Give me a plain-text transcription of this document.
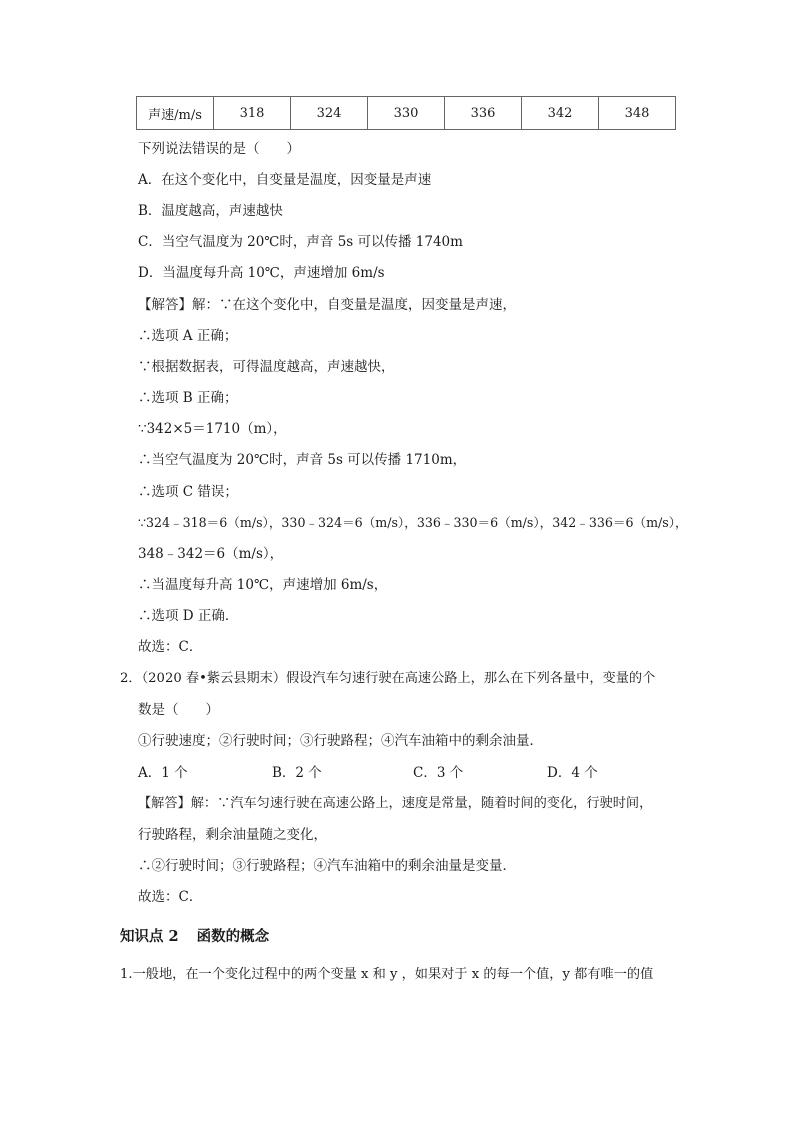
声速/m/s	318	324	330	336	342	348
下列说法错误的是（　　）
A．在这个变化中，自变量是温度，因变量是声速
B．温度越高，声速越快
C．当空气温度为 20℃时，声音 5s 可以传播 1740m
D．当温度每升高 10℃，声速增加 6m/s
【解答】解：∵在这个变化中，自变量是温度，因变量是声速，
∴选项 A 正确；
∵根据数据表，可得温度越高，声速越快，
∴选项 B 正确；
∵342×5＝1710（m），
∴当空气温度为 20℃时，声音 5s 可以传播 1710m，
∴选项 C 错误；
∵324﹣318＝6（m/s），330﹣324＝6（m/s），336﹣330＝6（m/s），342﹣336＝6（m/s），
348﹣342＝6（m/s），
∴当温度每升高 10℃，声速增加 6m/s，
∴选项 D 正确．
故选：C．
2．（2020 春•紫云县期末）假设汽车匀速行驶在高速公路上，那么在下列各量中，变量的个
数是（　　）
①行驶速度；②行驶时间；③行驶路程；④汽车油箱中的剩余油量．
A．1 个	B．2 个	C．3 个	D．4 个
【解答】解：∵汽车匀速行驶在高速公路上，速度是常量，随着时间的变化，行驶时间，
行驶路程，剩余油量随之变化，
∴②行驶时间；③行驶路程；④汽车油箱中的剩余油量是变量．
故选：C．
知识点 2 函数的概念
1.一般地，在一个变化过程中的两个变量 x 和 y ，如果对于 x 的每一个值，y 都有唯一的值
